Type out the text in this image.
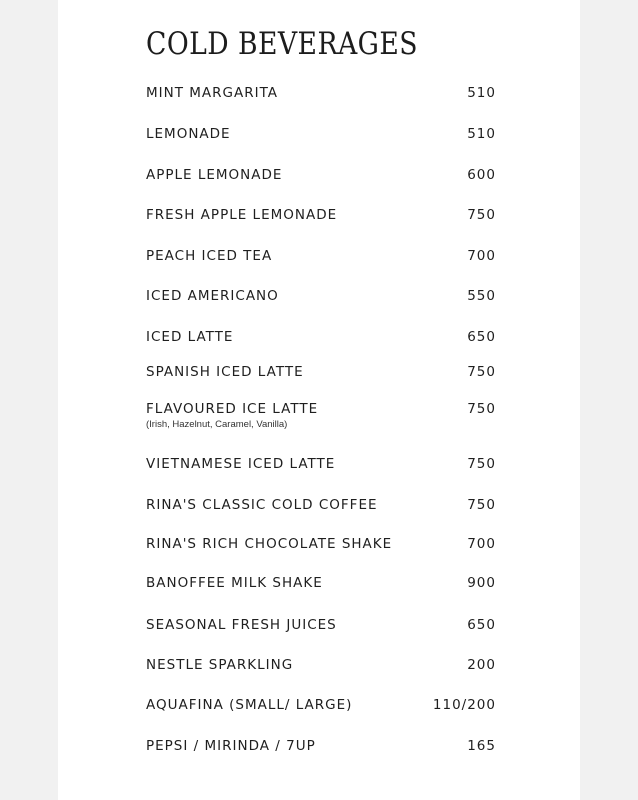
COLD BEVERAGES
MINT MARGARITA	510
LEMONADE	510
APPLE LEMONADE	600
FRESH APPLE LEMONADE	750
PEACH ICED TEA	700
ICED AMERICANO	550
ICED LATTE	650
SPANISH ICED LATTE	750
FLAVOURED ICE LATTE	750
(Irish, Hazelnut, Caramel, Vanilla)
VIETNAMESE ICED LATTE	750
RINA'S CLASSIC COLD COFFEE	750
RINA'S RICH CHOCOLATE SHAKE	700
BANOFFEE MILK SHAKE	900
SEASONAL FRESH JUICES	650
NESTLE SPARKLING	200
AQUAFINA (SMALL/ LARGE)	110/200
PEPSI / MIRINDA / 7UP	165
